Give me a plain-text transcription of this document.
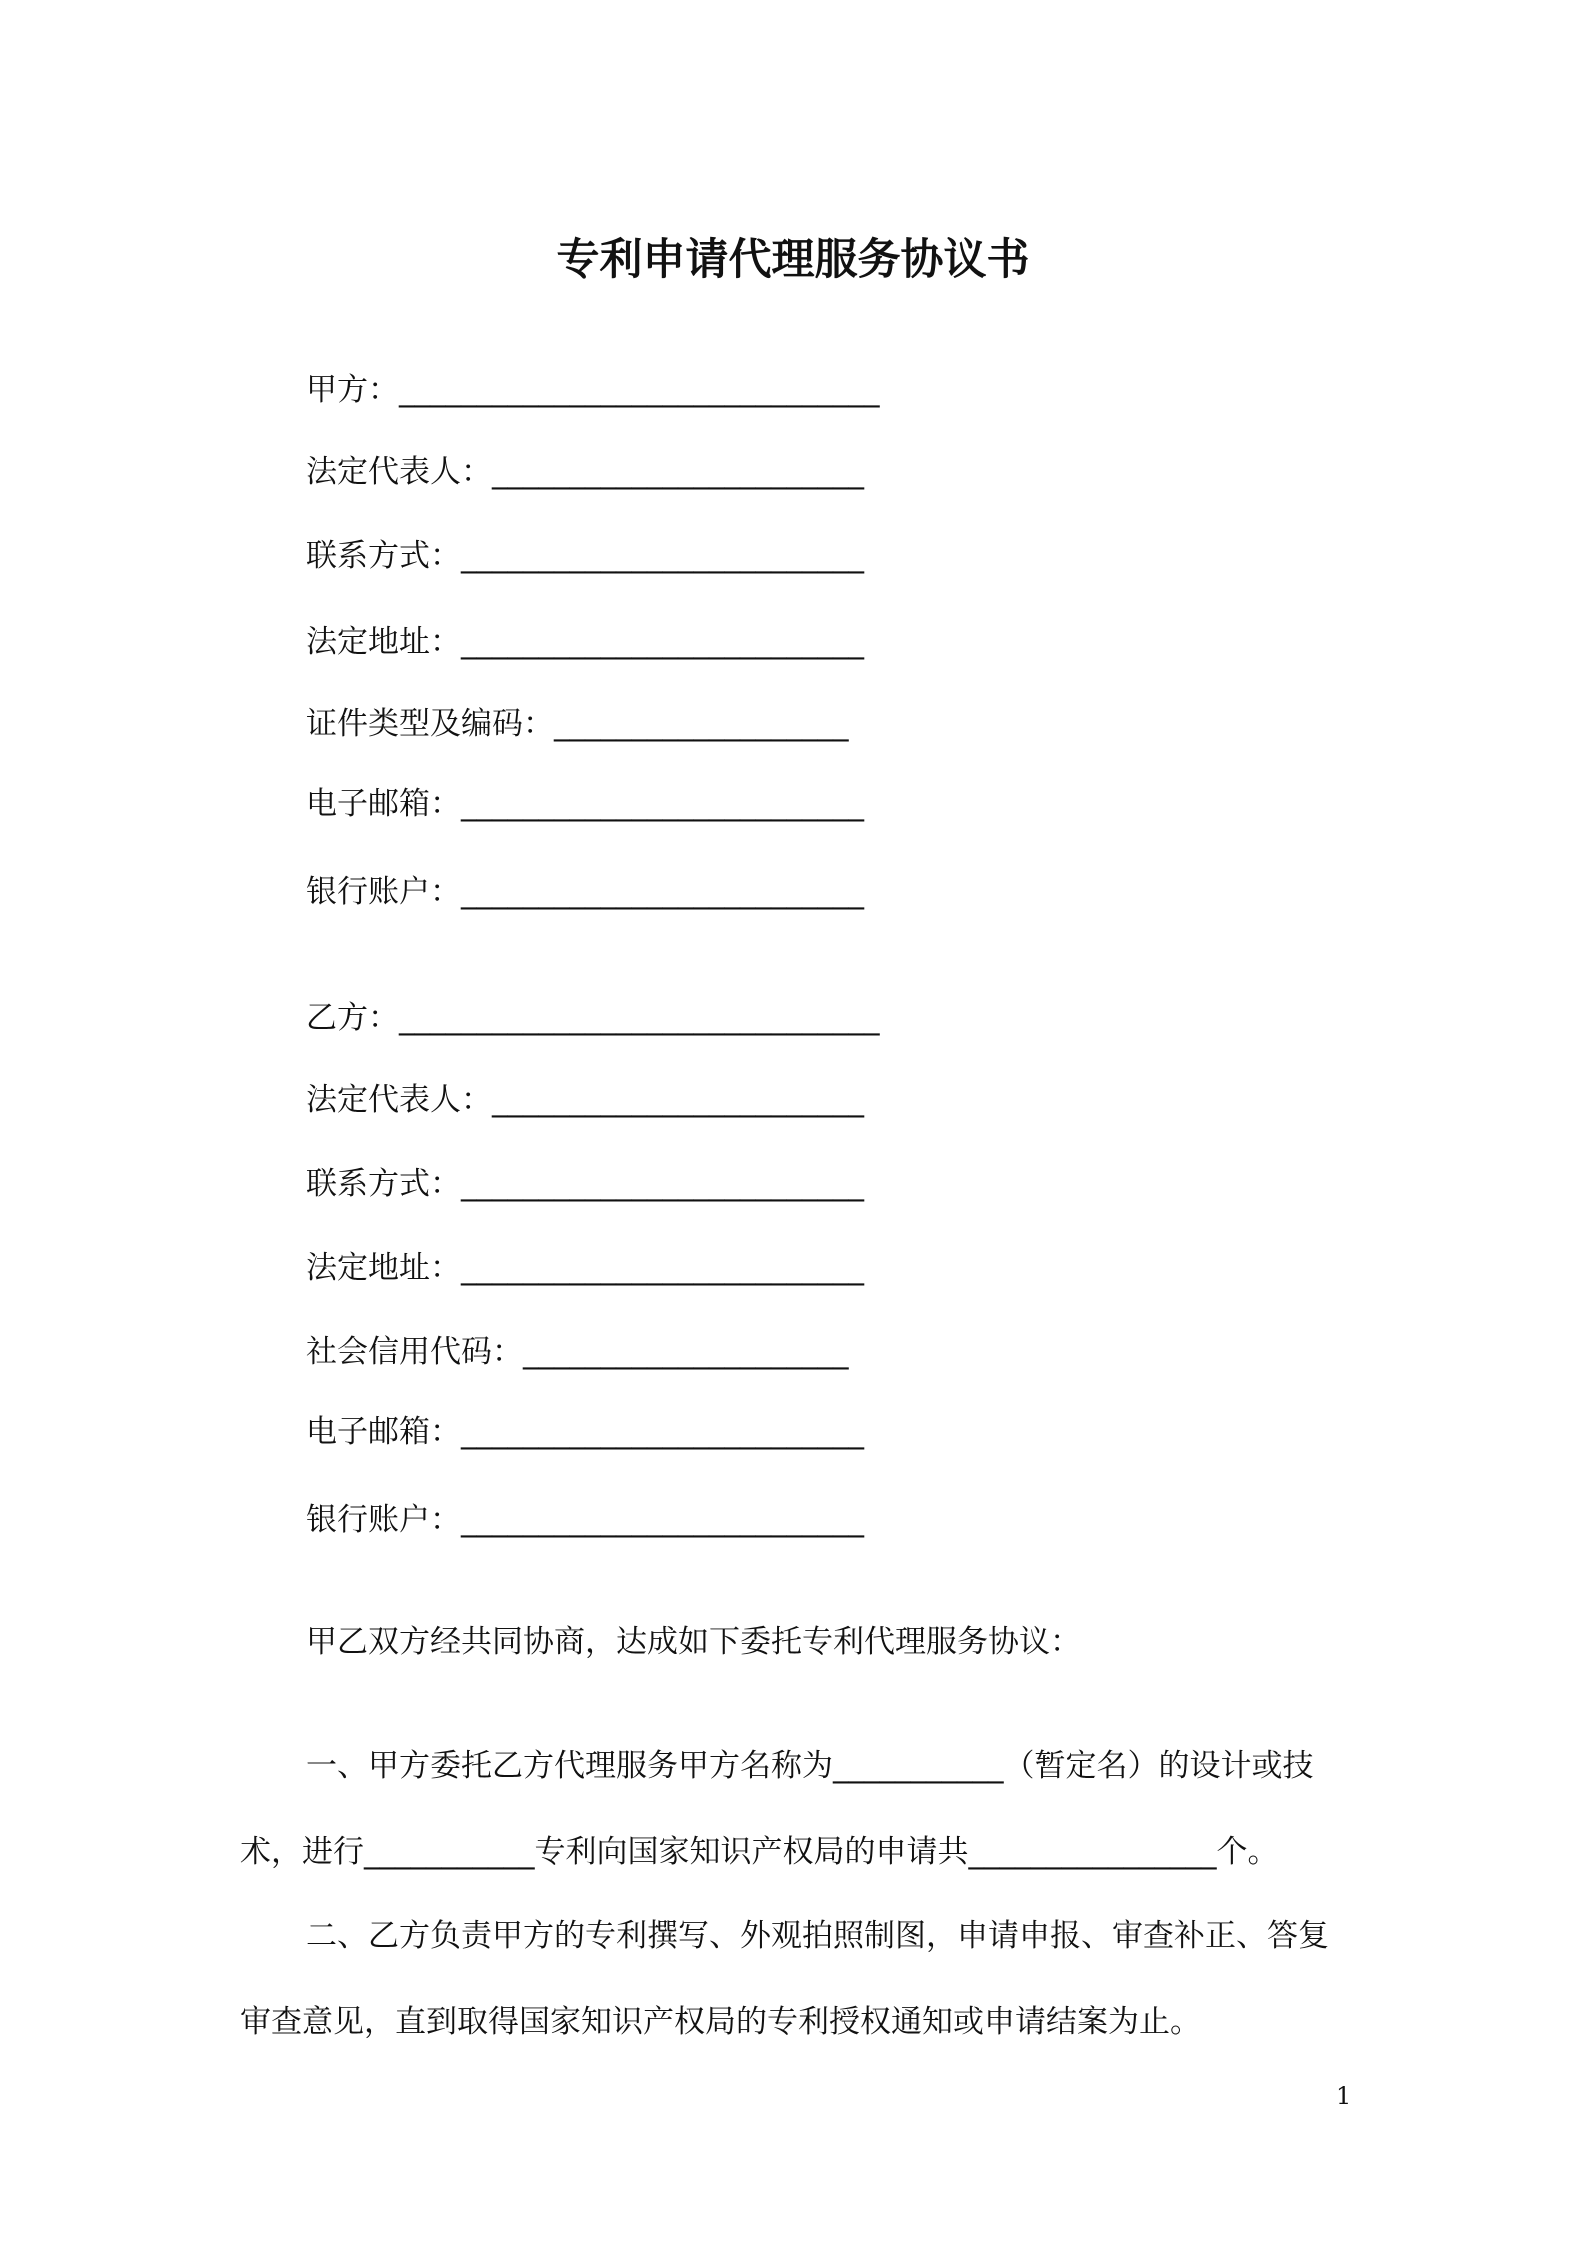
专利申请代理服务协议书
甲方：_______________________________
法定代表人：________________________
联系方式：__________________________
法定地址：__________________________
证件类型及编码：___________________
电子邮箱：__________________________
银行账户：__________________________
乙方：_______________________________
法定代表人：________________________
联系方式：__________________________
法定地址：__________________________
社会信用代码：_____________________
电子邮箱：__________________________
银行账户：__________________________
甲乙双方经共同协商，达成如下委托专利代理服务协议：
一、甲方委托乙方代理服务甲方名称为___________（暂定名）的设计或技
术，进行___________专利向国家知识产权局的申请共________________个。
二、乙方负责甲方的专利撰写、外观拍照制图，申请申报、审查补正、答复
审查意见，直到取得国家知识产权局的专利授权通知或申请结案为止。
1
